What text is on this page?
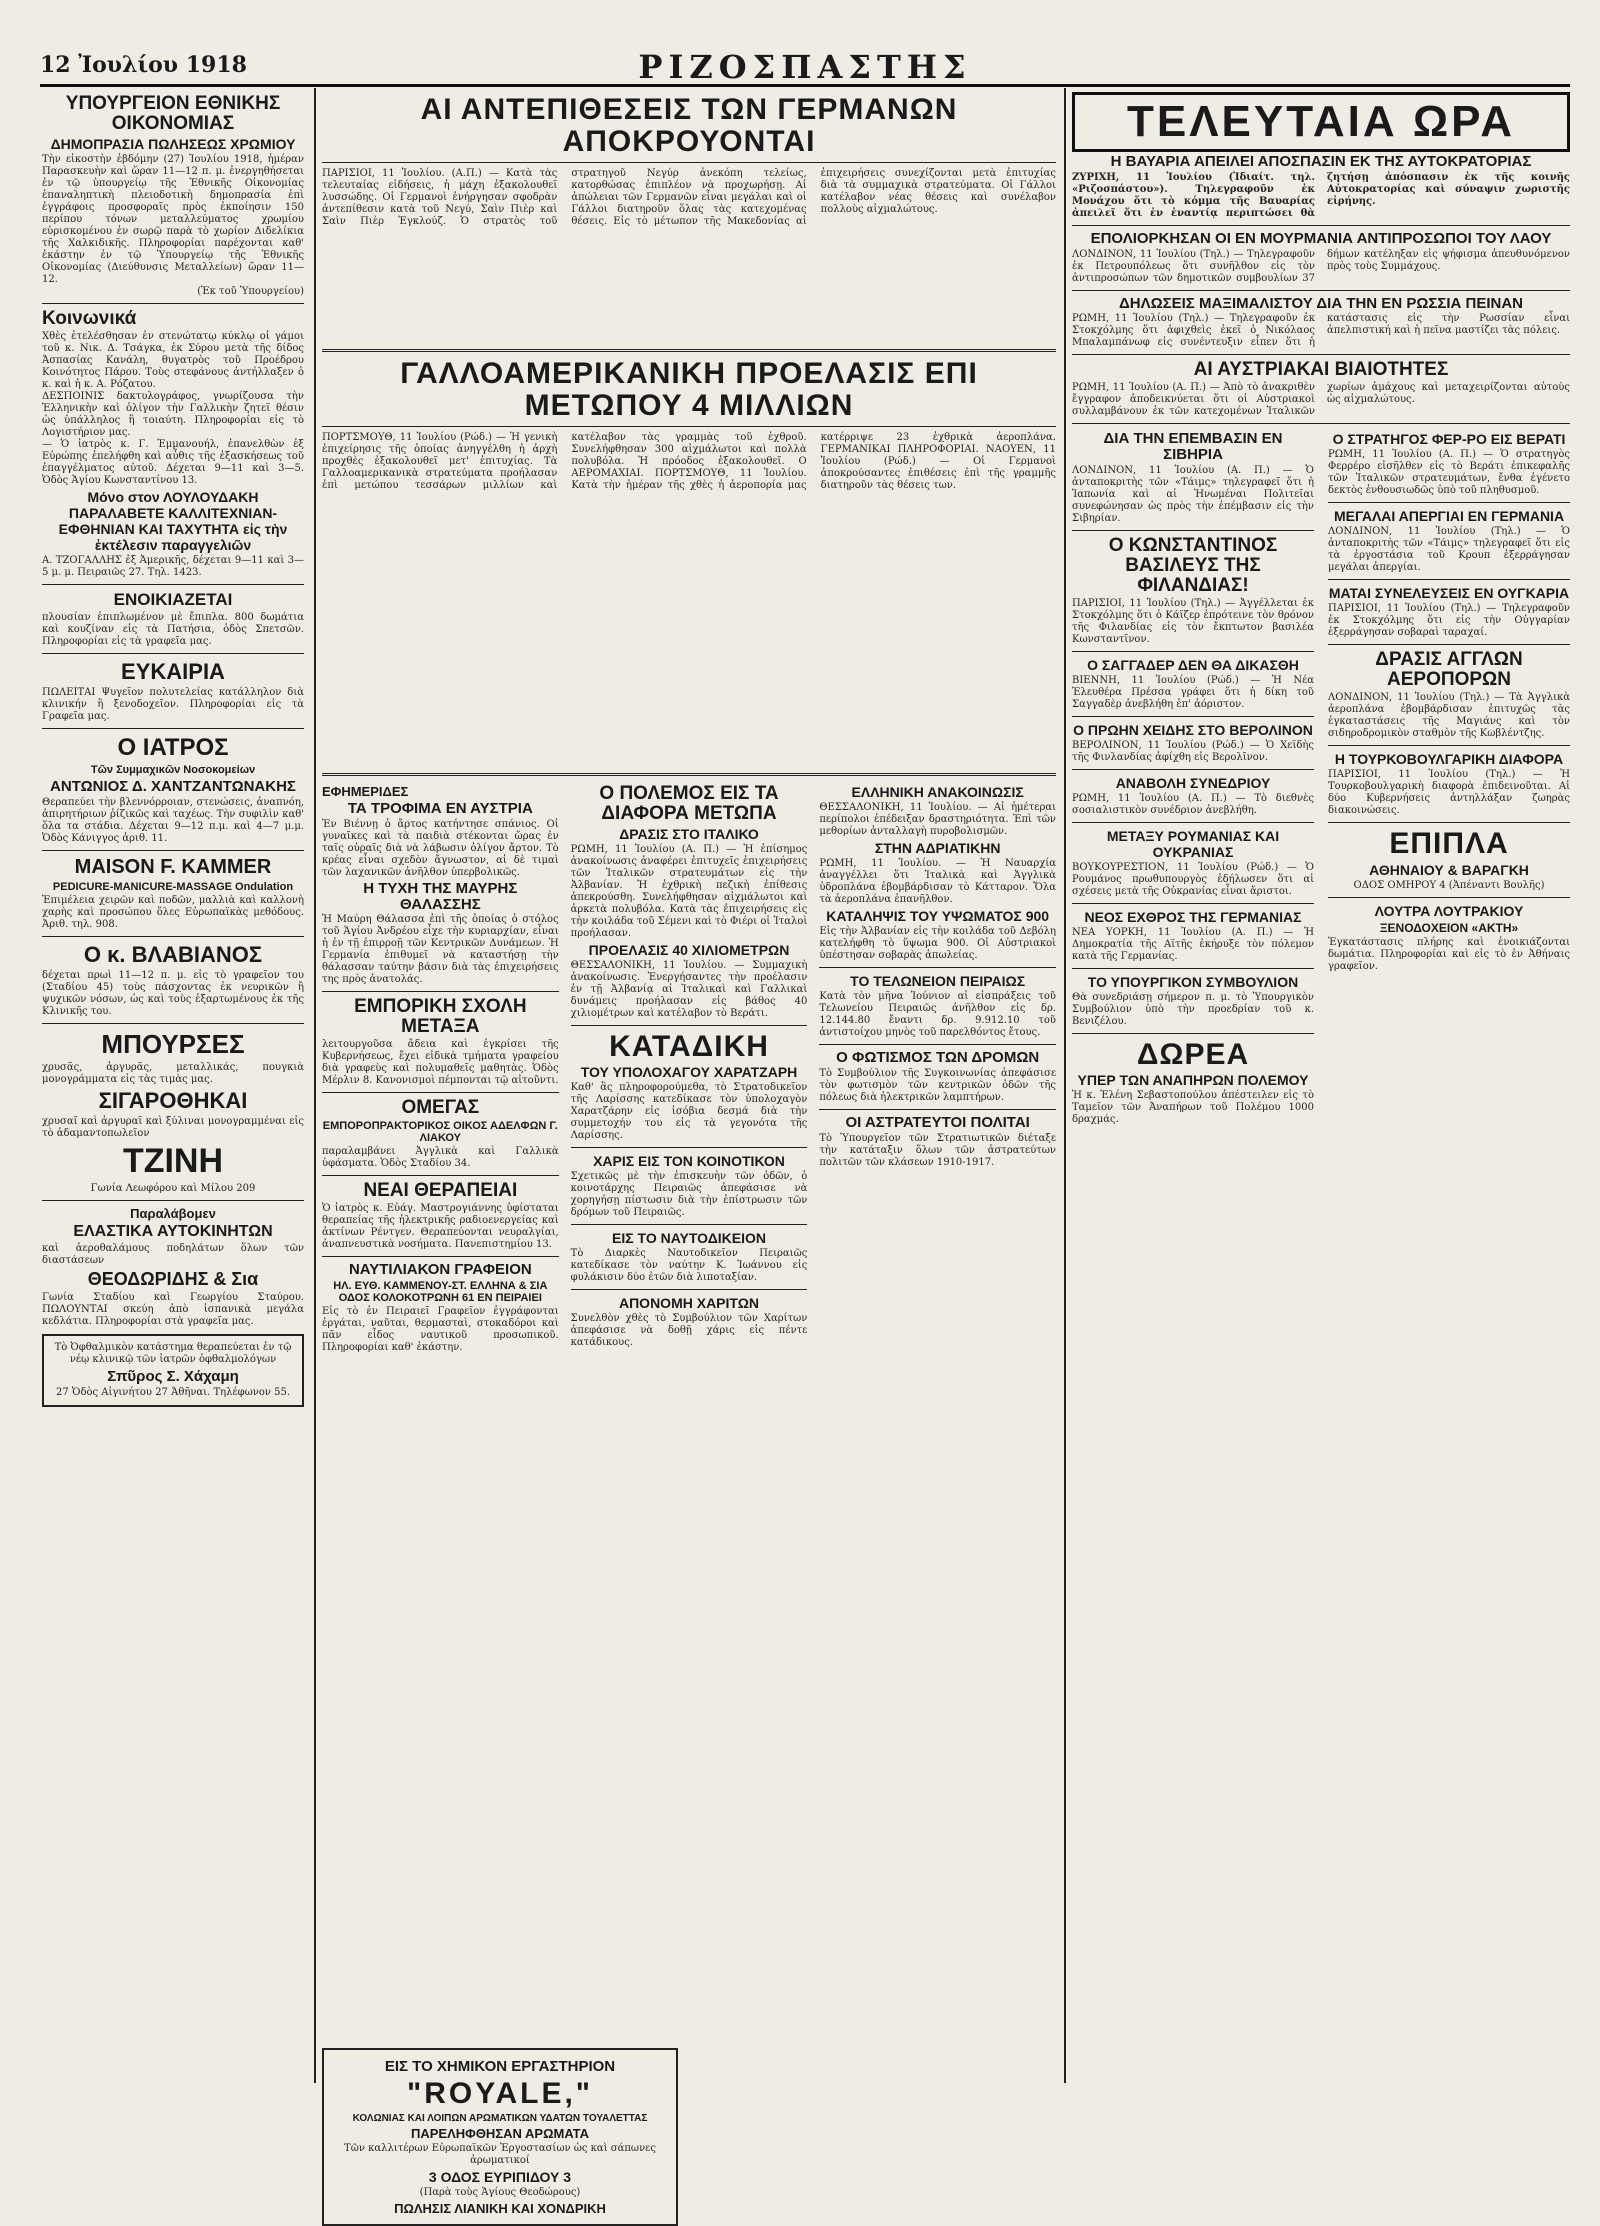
12 Ἰουλίου 1918	ΡΙΖΟΣΠΑΣΤΗΣ
ΥΠΟΥΡΓΕΙΟΝ ΕΘΝΙΚΗΣ ΟΙΚΟΝΟΜΙΑΣ
ΔΗΜΟΠΡΑΣΙΑ ΠΩΛΗΣΕΩΣ ΧΡΩΜΙΟΥ

Τὴν εἰκοστὴν ἑβδόμην (27) Ἰουλίου 1918, ἡμέραν Παρασκευὴν καὶ ὥραν 11—12 π. μ. ἐνεργηθήσεται ἐν τῷ ὑπουργείῳ τῆς Ἐθνικῆς Οἰκονομίας ἐπαναληπτικὴ πλειοδοτικὴ δημοπρασία ἐπὶ ἐγγράφοις προσφοραῖς πρὸς ἐκποίησιν 150 περίπου τόνων μεταλλεύματος χρωμίου εὑρισκομένου ἐν σωρῷ παρὰ τὸ χωρίον Διδελίκια τῆς Χαλκιδικῆς. Πληροφορίαι παρέχονται καθ' ἑκάστην ἐν τῷ Ὑπουργείῳ τῆς Ἐθνικῆς Οἰκονομίας (Διεύθυνσις Μεταλλείων) ὥραν 11—12.

(Ἐκ τοῦ Ὑπουργείου)

Κοινωνικά

Χθὲς ἐτελέσθησαν ἐν στενώτατῳ κύκλῳ οἱ γάμοι τοῦ κ. Νικ. Δ. Τσάγκα, ἐκ Σύρου μετὰ τῆς δίδος Ἀσπασίας Κανάλη, θυγατρὸς τοῦ Προέδρου Κοινότητος Πάρου. Τοὺς στεφάνους ἀντήλλαξεν ὁ κ. καὶ ἡ κ. Α. Ρόζατου.

ΔΕΣΠΟΙΝΙΣ δακτυλογράφος, γνωρίζουσα τὴν Ἑλληνικὴν καὶ ὀλίγον τὴν Γαλλικὴν ζητεῖ θέσιν ὡς ὑπάλληλος ἢ τοιαύτη. Πληροφορίαι εἰς τὸ Λογιστήριον μας.

— Ὁ ἰατρὸς κ. Γ. Ἐμμανουήλ, ἐπανελθὼν ἐξ Εὐρώπης ἐπελήφθη καὶ αὖθις τῆς ἐξασκήσεως τοῦ ἐπαγγέλματος αὐτοῦ. Δέχεται 9—11 καὶ 3—5. Ὁδὸς Ἁγίου Κωνσταντίνου 13.

Μόνο στον ΛΟΥΛΟΥΔΑΚΗ ΠΑΡΑΛΑΒΕΤΕ ΚΑΛΛΙΤΕΧΝΙΑΝ-ΕΦΘΗΝΙΑΝ ΚΑΙ ΤΑΧΥΤΗΤΑ εἰς τὴν ἐκτέλεσιν παραγγελιῶν

Α. ΤΖΟΓΑΛΛΗΣ ἐξ Ἀμερικῆς, δέχεται 9—11 καὶ 3—5 μ. μ. Πειραιῶς 27. Τηλ. 1423.

ΕΝΟΙΚΙΑΖΕΤΑΙ

πλουσίαν ἐπιπλωμένον μὲ ἔπιπλα. 800 δωμάτια καὶ κουζίναν εἰς τὰ Πατήσια, ὁδὸς Σπετσῶν. Πληροφορίαι εἰς τὰ γραφεῖα μας.

ΕΥΚΑΙΡΙΑ

ΠΩΛΕΙΤΑΙ Ψυγεῖον πολυτελείας κατάλληλον διὰ κλινικήν ἢ ξενοδοχεῖον. Πληροφορίαι εἰς τὰ Γραφεῖα μας.

Ο ΙΑΤΡΟΣ
Τῶν Συμμαχικῶν Νοσοκομείων
ΑΝΤΩΝΙΟΣ Δ. ΧΑΝΤΖΑΝΤΩΝΑΚΗΣ

Θεραπεύει τὴν βλεννόρροιαν, στενώσεις, ἀναπνόη, ἀπιρητήριων ῥίζικῶς καὶ ταχέως. Τὴν συφιλὶν καθ' ὅλα τα στάδια. Δέχεται 9—12 π.μ. καὶ 4—7 μ.μ. Ὁδὸς Κάνιγγος ἀριθ. 11.

MAISON F. KAMMER
PEDICURE-MANICURE-MASSAGE Ondulation

Ἐπιμέλεια χειρῶν καὶ ποδῶν, μαλλιὰ καὶ καλλονὴ χαρὴς καὶ προσώπου ὅλες Εὐρωπαϊκὰς μεθόδους. Ἀριθ. τηλ. 908.

Ο κ. ΒΛΑΒΙΑΝΟΣ

δέχεται πρωὶ 11—12 π. μ. εἰς τὸ γραφεῖον του (Σταδίου 45) τοὺς πάσχοντας ἐκ νευρικῶν ἢ ψυχικῶν νόσων, ὡς καὶ τοὺς ἐξαρτωμένους ἐκ τῆς Κλινικῆς του.

ΜΠΟΥΡΣΕΣ

χρυσᾶς, ἀργυρᾶς, μεταλλικάς, πουγκιὰ μονογράμματα εἰς τὰς τιμὰς μας.

ΣΙΓΑΡΟΘΗΚΑΙ

χρυσαῖ καὶ ἀργυραῖ καὶ ξύλιναι μονογραμμέναι εἰς τὸ ἀδαμαντοπωλεῖον

ΤΖΙΝΗ

Γωνία Λεωφόρου καὶ Μίλου 209

Παραλάβομεν
ΕΛΑΣΤΙΚΑ ΑΥΤΟΚΙΝΗΤΩΝ

καὶ ἀεροθαλάμους ποδηλάτων ὅλων τῶν διαστάσεων

ΘΕΟΔΩΡΙΔΗΣ & Σια

Γωνία Σταδίου καὶ Γεωργίου Σταύρου. ΠΩΛΟΥΝΤΑΙ σκεύη ἀπὸ ἰσπανικὰ μεγάλα κεδλάτια. Πληροφορίαι στὰ γραφεῖα μας.

Τὸ Ὀφθαλμικὸν κατάστημα θεραπεύεται ἐν τῷ νέῳ κλινικῷ τῶν ἰατρῶν ὀφθαλμολόγων

Σπῦρος Σ. Χάχαμη

27 Ὁδὸς Αἰγινήτου 27 Ἀθῆναι. Τηλέφωνον 55.

ΑΙ ΑΝΤΕΠΙΘΕΣΕΙΣ ΤΩΝ ΓΕΡΜΑΝΩΝ ΑΠΟΚΡΟΥΟΝΤΑΙ

ΠΑΡΙΣΙΟΙ, 11 Ἰουλίου. (Α.Π.) — Κατὰ τὰς τελευταίας εἰδήσεις, ἡ μάχη ἐξακολουθεῖ λυσσώδης. Οἱ Γερμανοὶ ἐνήργησαν σφοδρὰν ἀντεπίθεσιν κατὰ τοῦ Νεγύ, Σαὶν Πιὲρ καὶ Σαὶν Πιὲρ Ἐγκλούζ. Ὁ στρατὸς τοῦ στρατηγοῦ Νεγύρ ἀνεκόπη τελείως, κατορθώσας ἐπιπλέον νὰ προχωρήσῃ. Αἱ ἀπώλειαι τῶν Γερμανῶν εἶναι μεγάλαι καὶ οἱ Γάλλοι διατηροῦν ὅλας τὰς κατεχομένας θέσεις. Εἰς τὸ μέτωπον τῆς Μακεδονίας αἱ ἐπιχειρήσεις συνεχίζονται μετὰ ἐπιτυχίας διὰ τὰ συμμαχικὰ στρατεύματα. Οἱ Γάλλοι κατέλαβον νέας θέσεις καὶ συνέλαβον πολλοὺς αἰχμαλώτους.

ΓΑΛΛΟΑΜΕΡΙΚΑΝΙΚΗ ΠΡΟΕΛΑΣΙΣ ΕΠΙ ΜΕΤΩΠΟΥ 4 ΜΙΛΛΙΩΝ

ΠΟΡΤΣΜΟΥΘ, 11 Ἰουλίου (Ρώδ.) — Ἡ γενικὴ ἐπιχείρησις τῆς ὁποίας ἀνηγγέλθη ἡ ἀρχὴ προχθὲς ἐξακολουθεῖ μετ' ἐπιτυχίας. Τὰ Γαλλοαμερικανικὰ στρατεύματα προήλασαν ἐπὶ μετώπου τεσσάρων μιλλίων καὶ κατέλαβον τὰς γραμμὰς τοῦ ἐχθροῦ. Συνελήφθησαν 300 αἰχμάλωτοι καὶ πολλὰ πολυβόλα. Ἡ πρόοδος ἐξακολουθεῖ. Ο ΑΕΡΟΜΑΧΙΑΙ. ΠΟΡΤΣΜΟΥΘ, 11 Ἰουλίου. Κατὰ τὴν ἡμέραν τῆς χθὲς ἡ ἀεροπορία μας κατέρριψε 23 ἐχθρικὰ ἀεροπλάνα. ΓΕΡΜΑΝΙΚΑΙ ΠΛΗΡΟΦΟΡΙΑΙ. ΝΑΟΥΕΝ, 11 Ἰουλίου (Ρώδ.) — Οἱ Γερμανοὶ ἀποκρούσαντες ἐπιθέσεις ἐπὶ τῆς γραμμῆς διατηροῦν τὰς θέσεις των.

ΕΦΗΜΕΡΙΔΕΣ
ΤΑ ΤΡΟΦΙΜΑ ΕΝ ΑΥΣΤΡΙΑ

Ἐν Βιέννῃ ὁ ἄρτος κατήντησε σπάνιος. Οἱ γυναῖκες καὶ τὰ παιδιὰ στέκονται ὥρας ἐν ταῖς οὐραῖς διὰ νὰ λάβωσιν ὀλίγον ἄρτον. Τὸ κρέας εἶναι σχεδὸν ἄγνωστον, αἱ δὲ τιμαὶ τῶν λαχανικῶν ἀνῆλθον ὑπερβολικῶς.

Η ΤΥΧΗ ΤΗΣ ΜΑΥΡΗΣ ΘΑΛΑΣΣΗΣ

Ἡ Μαύρη Θάλασσα ἐπὶ τῆς ὁποίας ὁ στόλος τοῦ Ἁγίου Ἀνδρέου εἶχε τὴν κυριαρχίαν, εἶναι ἡ ἐν τῇ ἐπιρροῇ τῶν Κεντρικῶν Δυνάμεων. Ἡ Γερμανία ἐπιθυμεῖ νὰ καταστήσῃ τὴν θάλασσαν ταύτην βάσιν διὰ τὰς ἐπιχειρήσεις της πρὸς ἀνατολάς.

ΕΜΠΟΡΙΚΗ ΣΧΟΛΗ ΜΕΤΑΞΑ

λειτουργοῦσα ἄδεια καὶ ἐγκρίσει τῆς Κυβερνήσεως, ἔχει εἰδικὰ τμήματα γραφείου διὰ γραφεὺς καὶ πολυμαθεῖς μαθητὰς. Ὁδὸς Μέρλιν 8. Κανονισμοὶ πέμπονται τῷ αἰτοῦντι.

ΟΜΕΓΑΣ
ΕΜΠΟΡΟΠΡΑΚΤΟΡΙΚΟΣ ΟΙΚΟΣ ΑΔΕΛΦΩΝ Γ. ΛΙΑΚΟΥ

παραλαμβάνει Ἀγγλικὰ καὶ Γαλλικὰ ὑφάσματα. Ὁδὸς Σταδίου 34.

ΝΕΑΙ ΘΕΡΑΠΕΙΑΙ

Ὁ ἰατρὸς κ. Εὐάγ. Μαστρογιάννης ὑφίσταται θεραπείας τῆς ἠλεκτρικῆς ραδιοενεργείας καὶ ἀκτίνων Ρέντγεν. Θεραπεύονται νευραλγίαι, ἀναπνευστικὰ νοσήματα. Πανεπιστημίου 13.

ΝΑΥΤΙΛΙΑΚΟΝ ΓΡΑΦΕΙΟΝ
ΗΛ. ΕΥΘ. ΚΑΜΜΕΝΟΥ-ΣΤ. ΕΛΛΗΝΑ & ΣΙΑ ΟΔΟΣ ΚΟΛΟΚΟΤΡΩΝΗ 61 ΕΝ ΠΕΙΡΑΙΕΙ

Εἰς τὸ ἐν Πειραιεῖ Γραφεῖον ἐγγράφονται ἐργάται, ναῦται, θερμασταὶ, στοκαδόροι καὶ πᾶν εἶδος ναυτικοῦ προσωπικοῦ. Πληροφορίαι καθ' ἑκάστην.

Ο ΠΟΛΕΜΟΣ ΕΙΣ ΤΑ ΔΙΑΦΟΡΑ ΜΕΤΩΠΑ
ΔΡΑΣΙΣ ΣΤΟ ΙΤΑΛΙΚΟ

ΡΩΜΗ, 11 Ἰουλίου (Α. Π.) — Ἡ ἐπίσημος ἀνακοίνωσις ἀναφέρει ἐπιτυχεῖς ἐπιχειρήσεις τῶν Ἰταλικῶν στρατευμάτων εἰς τὴν Ἀλβανίαν. Ἡ ἐχθρικὴ πεζικὴ ἐπίθεσις ἀπεκρούσθη. Συνελήφθησαν αἰχμάλωτοι καὶ ἀρκετὰ πολυβόλα. Κατὰ τὰς ἐπιχειρήσεις εἰς τὴν κοιλάδα τοῦ Σέμενι καὶ τὸ Φιέρι οἱ Ἰταλοὶ προήλασαν.

ΠΡΟΕΛΑΣΙΣ 40 ΧΙΛΙΟΜΕΤΡΩΝ

ΘΕΣΣΑΛΟΝΙΚΗ, 11 Ἰουλίου. — Συμμαχικὴ ἀνακοίνωσις. Ἐνεργήσαντες τὴν προέλασιν ἐν τῇ Ἀλβανίᾳ αἱ Ἰταλικαὶ καὶ Γαλλικαὶ δυνάμεις προήλασαν εἰς βάθος 40 χιλιομέτρων καὶ κατέλαβον τὸ Βεράτι.

ΚΑΤΑΔΙΚΗ
ΤΟΥ ΥΠΟΛΟΧΑΓΟΥ ΧΑΡΑΤΖΑΡΗ

Καθ' ἃς πληροφορούμεθα, τὸ Στρατοδικεῖον τῆς Λαρίσσης κατεδίκασε τὸν ὑπολοχαγὸν Χαρατζάρην εἰς ἰσόβια δεσμά διὰ τὴν συμμετοχήν του εἰς τὰ γεγονότα τῆς Λαρίσσης.

ΧΑΡΙΣ ΕΙΣ ΤΟΝ ΚΟΙΝΟΤΙΚΟΝ

Σχετικῶς μὲ τὴν ἐπισκευὴν τῶν ὁδῶν, ὁ κοινοτάρχης Πειραιῶς ἀπεφάσισε νὰ χορηγήσῃ πίστωσιν διὰ τὴν ἐπίστρωσιν τῶν δρόμων τοῦ Πειραιῶς.

ΕΙΣ ΤΟ ΝΑΥΤΟΔΙΚΕΙΟΝ

Τὸ Διαρκὲς Ναυτοδικεῖον Πειραιῶς κατεδίκασε τὸν ναύτην Κ. Ἰωάννου εἰς φυλάκισιν δύο ἐτῶν διὰ λιποταξίαν.

ΑΠΟΝΟΜΗ ΧΑΡΙΤΩΝ

Συνελθὸν χθὲς τὸ Συμβούλιον τῶν Χαρίτων ἀπεφάσισε νὰ δοθῇ χάρις εἰς πέντε κατάδικους.

ΕΛΛΗΝΙΚΗ ΑΝΑΚΟΙΝΩΣΙΣ

ΘΕΣΣΑΛΟΝΙΚΗ, 11 Ἰουλίου. — Αἱ ἡμέτεραι περίπολοι ἐπέδειξαν δραστηριότητα. Ἐπὶ τῶν μεθορίων ἀνταλλαγὴ πυροβολισμῶν.

ΣΤΗΝ ΑΔΡΙΑΤΙΚΗΝ

ΡΩΜΗ, 11 Ἰουλίου. — Ἡ Ναυαρχία ἀναγγέλλει ὅτι Ἰταλικὰ καὶ Ἀγγλικὰ ὑδροπλάνα ἐβομβάρδισαν τὸ Κάτταρον. Ὅλα τὰ ἀεροπλάνα ἐπανῆλθον.

ΚΑΤΑΛΗΨΙΣ ΤΟΥ ΥΨΩΜΑΤΟΣ 900

Εἰς τὴν Ἀλβανίαν εἰς τὴν κοιλάδα τοῦ Δεβόλη κατελήφθη τὸ ὕψωμα 900. Οἱ Αὐστριακοὶ ὑπέστησαν σοβαρὰς ἀπωλείας.

ΤΟ ΤΕΛΩΝΕΙΟΝ ΠΕΙΡΑΙΩΣ

Κατὰ τὸν μῆνα Ἰούνιον αἱ εἰσπράξεις τοῦ Τελωνείου Πειραιῶς ἀνῆλθον εἰς δρ. 12.144.80 ἔναντι δρ. 9.912.10 τοῦ ἀντιστοίχου μηνὸς τοῦ παρελθόντος ἔτους.

Ο ΦΩΤΙΣΜΟΣ ΤΩΝ ΔΡΟΜΩΝ

Τὸ Συμβούλιον τῆς Συγκοινωνίας ἀπεφάσισε τὸν φωτισμὸν τῶν κεντρικῶν ὁδῶν τῆς πόλεως διὰ ἠλεκτρικῶν λαμπτήρων.

ΟΙ ΑΣΤΡΑΤΕΥΤΟΙ ΠΟΛΙΤΑΙ

Τὸ Ὑπουργεῖον τῶν Στρατιωτικῶν διέταξε τὴν κατάταξιν ὅλων τῶν ἀστρατεύτων πολιτῶν τῶν κλάσεων 1910-1917.

ΕΙΣ ΤΟ ΧΗΜΙΚΟΝ ΕΡΓΑΣΤΗΡΙΟΝ
"ROYALE,"
ΚΟΛΩΝΙΑΣ ΚΑΙ ΛΟΙΠΩΝ ΑΡΩΜΑΤΙΚΩΝ ΥΔΑΤΩΝ ΤΟΥΑΛΕΤΤΑΣ
ΠΑΡΕΛΗΦΘΗΣΑΝ ΑΡΩΜΑΤΑ

Τῶν καλλιτέρων Εὐρωπαϊκῶν Ἐργοστασίων ὡς καὶ σάπωνες ἀρωματικοί

3 ΟΔΟΣ ΕΥΡΙΠΙΔΟΥ 3

(Παρὰ τοὺς Ἁγίους Θεοδώρους)

ΠΩΛΗΣΙΣ ΛΙΑΝΙΚΗ ΚΑΙ ΧΟΝΔΡΙΚΗ
ΤΕΛΕΥΤΑΙΑ ΩΡΑ
Η ΒΑΥΑΡΙΑ ΑΠΕΙΛΕΙ ΑΠΟΣΠΑΣΙΝ ΕΚ ΤΗΣ ΑΥΤΟΚΡΑΤΟΡΙΑΣ

ΖΥΡΙΧΗ, 11 Ἰουλίου (Ἰδιαίτ. τηλ. «Ριζοσπάστου»). Τηλεγραφοῦν ἐκ Μονάχου ὅτι τὸ κόμμα τῆς Βαυαρίας ἀπειλεῖ ὅτι ἐν ἐναντίᾳ περιπτώσει θὰ ζητήσῃ ἀπόσπασιν ἐκ τῆς κοινῆς Αὐτοκρατορίας καὶ σύναψιν χωριστῆς εἰρήνης.

ΕΠΟΛΙΟΡΚΗΣΑΝ ΟΙ ΕΝ ΜΟΥΡΜΑΝΙΑ ΑΝΤΙΠΡΟΣΩΠΟΙ ΤΟΥ ΛΑΟΥ

ΛΟΝΔΙΝΟΝ, 11 Ἰουλίου (Τηλ.) — Τηλεγραφοῦν ἐκ Πετρουπόλεως ὅτι συνῆλθον εἰς τὸν ἀντιπροσώπων τῶν δημοτικῶν συμβουλίων 37 δήμων κατέληξαν εἰς ψήφισμα ἀπευθυνόμενον πρὸς τοὺς Συμμάχους.

ΔΗΛΩΣΕΙΣ ΜΑΞΙΜΑΛΙΣΤΟΥ ΔΙΑ ΤΗΝ ΕΝ ΡΩΣΣΙΑ ΠΕΙΝΑΝ

ΡΩΜΗ, 11 Ἰουλίου (Τηλ.) — Τηλεγραφοῦν ἐκ Στοκχόλμης ὅτι ἀφιχθεὶς ἐκεῖ ὁ Νικόλαος Μπαλαμπάνωφ εἰς συνέντευξιν εἶπεν ὅτι ἡ κατάστασις εἰς τὴν Ρωσσίαν εἶναι ἀπελπιστική καὶ ἡ πεῖνα μαστίζει τὰς πόλεις.

ΑΙ ΑΥΣΤΡΙΑΚΑΙ ΒΙΑΙΟΤΗΤΕΣ

ΡΩΜΗ, 11 Ἰουλίου (Α. Π.) — Ἀπὸ τὸ ἀνακριθὲν ἔγγραφον ἀποδεικνύεται ὅτι οἱ Αὐστριακοὶ συλλαμβάνουν ἐκ τῶν κατεχομένων Ἰταλικῶν χωρίων ἀμάχους καὶ μεταχειρίζονται αὐτοὺς ὡς αἰχμαλώτους.

ΔΙΑ ΤΗΝ ΕΠΕΜΒΑΣΙΝ ΕΝ ΣΙΒΗΡΙΑ

ΛΟΝΔΙΝΟΝ, 11 Ἰουλίου (Α. Π.) — Ὁ ἀνταποκριτὴς τῶν «Τάιμς» τηλεγραφεῖ ὅτι ἡ Ἰαπωνία καὶ αἱ Ἡνωμέναι Πολιτεῖαι συνεφώνησαν ὡς πρὸς τὴν ἐπέμβασιν εἰς τὴν Σιβηρίαν.

Ο ΚΩΝΣΤΑΝΤΙΝΟΣ ΒΑΣΙΛΕΥΣ ΤΗΣ ΦΙΛΑΝΔΙΑΣ!

ΠΑΡΙΣΙΟΙ, 11 Ἰουλίου (Τηλ.) — Ἀγγέλλεται ἐκ Στοκχόλμης ὅτι ὁ Κάϊζερ ἐπρότεινε τὸν θρόνον τῆς Φιλανδίας εἰς τὸν ἔκπτωτον βασιλέα Κωνσταντῖνον.

Ο ΣΑΓΓΑΔΕΡ ΔΕΝ ΘΑ ΔΙΚΑΣΘΗ

ΒΙΕΝΝΗ, 11 Ἰουλίου (Ρώδ.) — Ἡ Νέα Ἐλευθέρα Πρέσσα γράφει ὅτι ἡ δίκη τοῦ Σαγγαδὲρ ἀνεβλήθη ἐπ' ἀόριστον.

Ο ΠΡΩΗΝ ΧΕΙΔΗΣ ΣΤΟ ΒΕΡΟΛΙΝΟΝ

ΒΕΡΟΛΙΝΟΝ, 11 Ἰουλίου (Ρώδ.) — Ὁ Χεϊδὴς τῆς Φινλανδίας ἀφίχθη εἰς Βερολῖνον.

ΑΝΑΒΟΛΗ ΣΥΝΕΔΡΙΟΥ

ΡΩΜΗ, 11 Ἰουλίου (Α. Π.) — Τὸ διεθνὲς σοσιαλιστικὸν συνέδριον ἀνεβλήθη.

ΜΕΤΑΞΥ ΡΟΥΜΑΝΙΑΣ ΚΑΙ ΟΥΚΡΑΝΙΑΣ

ΒΟΥΚΟΥΡΕΣΤΙΟΝ, 11 Ἰουλίου (Ρώδ.) — Ὁ Ρουμάνος πρωθυπουργὸς ἐδήλωσεν ὅτι αἱ σχέσεις μετὰ τῆς Οὐκρανίας εἶναι ἄριστοι.

ΝΕΟΣ ΕΧΘΡΟΣ ΤΗΣ ΓΕΡΜΑΝΙΑΣ

ΝΕΑ ΥΟΡΚΗ, 11 Ἰουλίου (Α. Π.) — Ἡ Δημοκρατία τῆς Αϊτῆς ἐκήρυξε τὸν πόλεμον κατὰ τῆς Γερμανίας.

ΤΟ ΥΠΟΥΡΓΙΚΟΝ ΣΥΜΒΟΥΛΙΟΝ

Θὰ συνεδριάσῃ σήμερον π. μ. τὸ Ὑπουργικὸν Συμβούλιον ὑπὸ τὴν προεδρίαν τοῦ κ. Βενιζέλου.

ΔΩΡΕΑ
ΥΠΕΡ ΤΩΝ ΑΝΑΠΗΡΩΝ ΠΟΛΕΜΟΥ

Ἡ κ. Ἑλένη Σεβαστοπούλου ἀπέστειλεν εἰς τὸ Ταμεῖον τῶν Ἀναπήρων τοῦ Πολέμου 1000 δραχμάς.

Ο ΣΤΡΑΤΗΓΟΣ ΦΕΡ-ΡΟ ΕΙΣ ΒΕΡΑΤΙ

ΡΩΜΗ, 11 Ἰουλίου (Α. Π.) — Ὁ στρατηγὸς Φερρέρο εἰσῆλθεν εἰς τὸ Βεράτι ἐπικεφαλῆς τῶν Ἰταλικῶν στρατευμάτων, ἔνθα ἐγένετο δεκτὸς ἐνθουσιωδῶς ὑπὸ τοῦ πληθυσμοῦ.

ΜΕΓΑΛΑΙ ΑΠΕΡΓΙΑΙ ΕΝ ΓΕΡΜΑΝΙΑ

ΛΟΝΔΙΝΟΝ, 11 Ἰουλίου (Τηλ.) — Ὁ ἀνταποκριτὴς τῶν «Τάιμς» τηλεγραφεῖ ὅτι εἰς τὰ ἐργοστάσια τοῦ Κρουπ ἐξερράγησαν μεγάλαι ἀπεργίαι.

ΜΑΤΑΙ ΣΥΝΕΛΕΥΣΕΙΣ ΕΝ ΟΥΓΚΑΡΙΑ

ΠΑΡΙΣΙΟΙ, 11 Ἰουλίου (Τηλ.) — Τηλεγραφοῦν ἐκ Στοκχόλμης ὅτι εἰς τὴν Οὐγγαρίαν ἐξερράγησαν σοβαραὶ ταραχαί.

ΔΡΑΣΙΣ ΑΓΓΛΩΝ ΑΕΡΟΠΟΡΩΝ

ΛΟΝΔΙΝΟΝ, 11 Ἰουλίου (Τηλ.) — Τὰ Ἀγγλικὰ ἀεροπλάνα ἐβομβάρδισαν ἐπιτυχῶς τὰς ἐγκαταστάσεις τῆς Μαγιάνς καὶ τὸν σιδηροδρομικὸν σταθμὸν τῆς Κωβλέντζης.

Η ΤΟΥΡΚΟΒΟΥΛΓΑΡΙΚΗ ΔΙΑΦΟΡΑ

ΠΑΡΙΣΙΟΙ, 11 Ἰουλίου (Τηλ.) — Ἡ Τουρκοβουλγαρικὴ διαφορὰ ἐπιδεινοῦται. Αἱ δύο Κυβερνήσεις ἀντηλλάξαν ζωηρὰς διακοινώσεις.

ΕΠΙΠΛΑ
ΑΘΗΝΑΙΟΥ & ΒΑΡΑΓΚΗ

ΟΔΟΣ ΟΜΗΡΟΥ 4 (Ἀπέναντι Βουλῆς)

ΛΟΥΤΡΑ ΛΟΥΤΡΑΚΙΟΥ
ΞΕΝΟΔΟΧΕΙΟΝ «ΑΚΤΗ»

Ἐγκατάστασις πλήρης καὶ ἐνοικιάζονται δωμάτια. Πληροφορίαι καὶ εἰς τὸ ἐν Ἀθήναις γραφεῖον.
